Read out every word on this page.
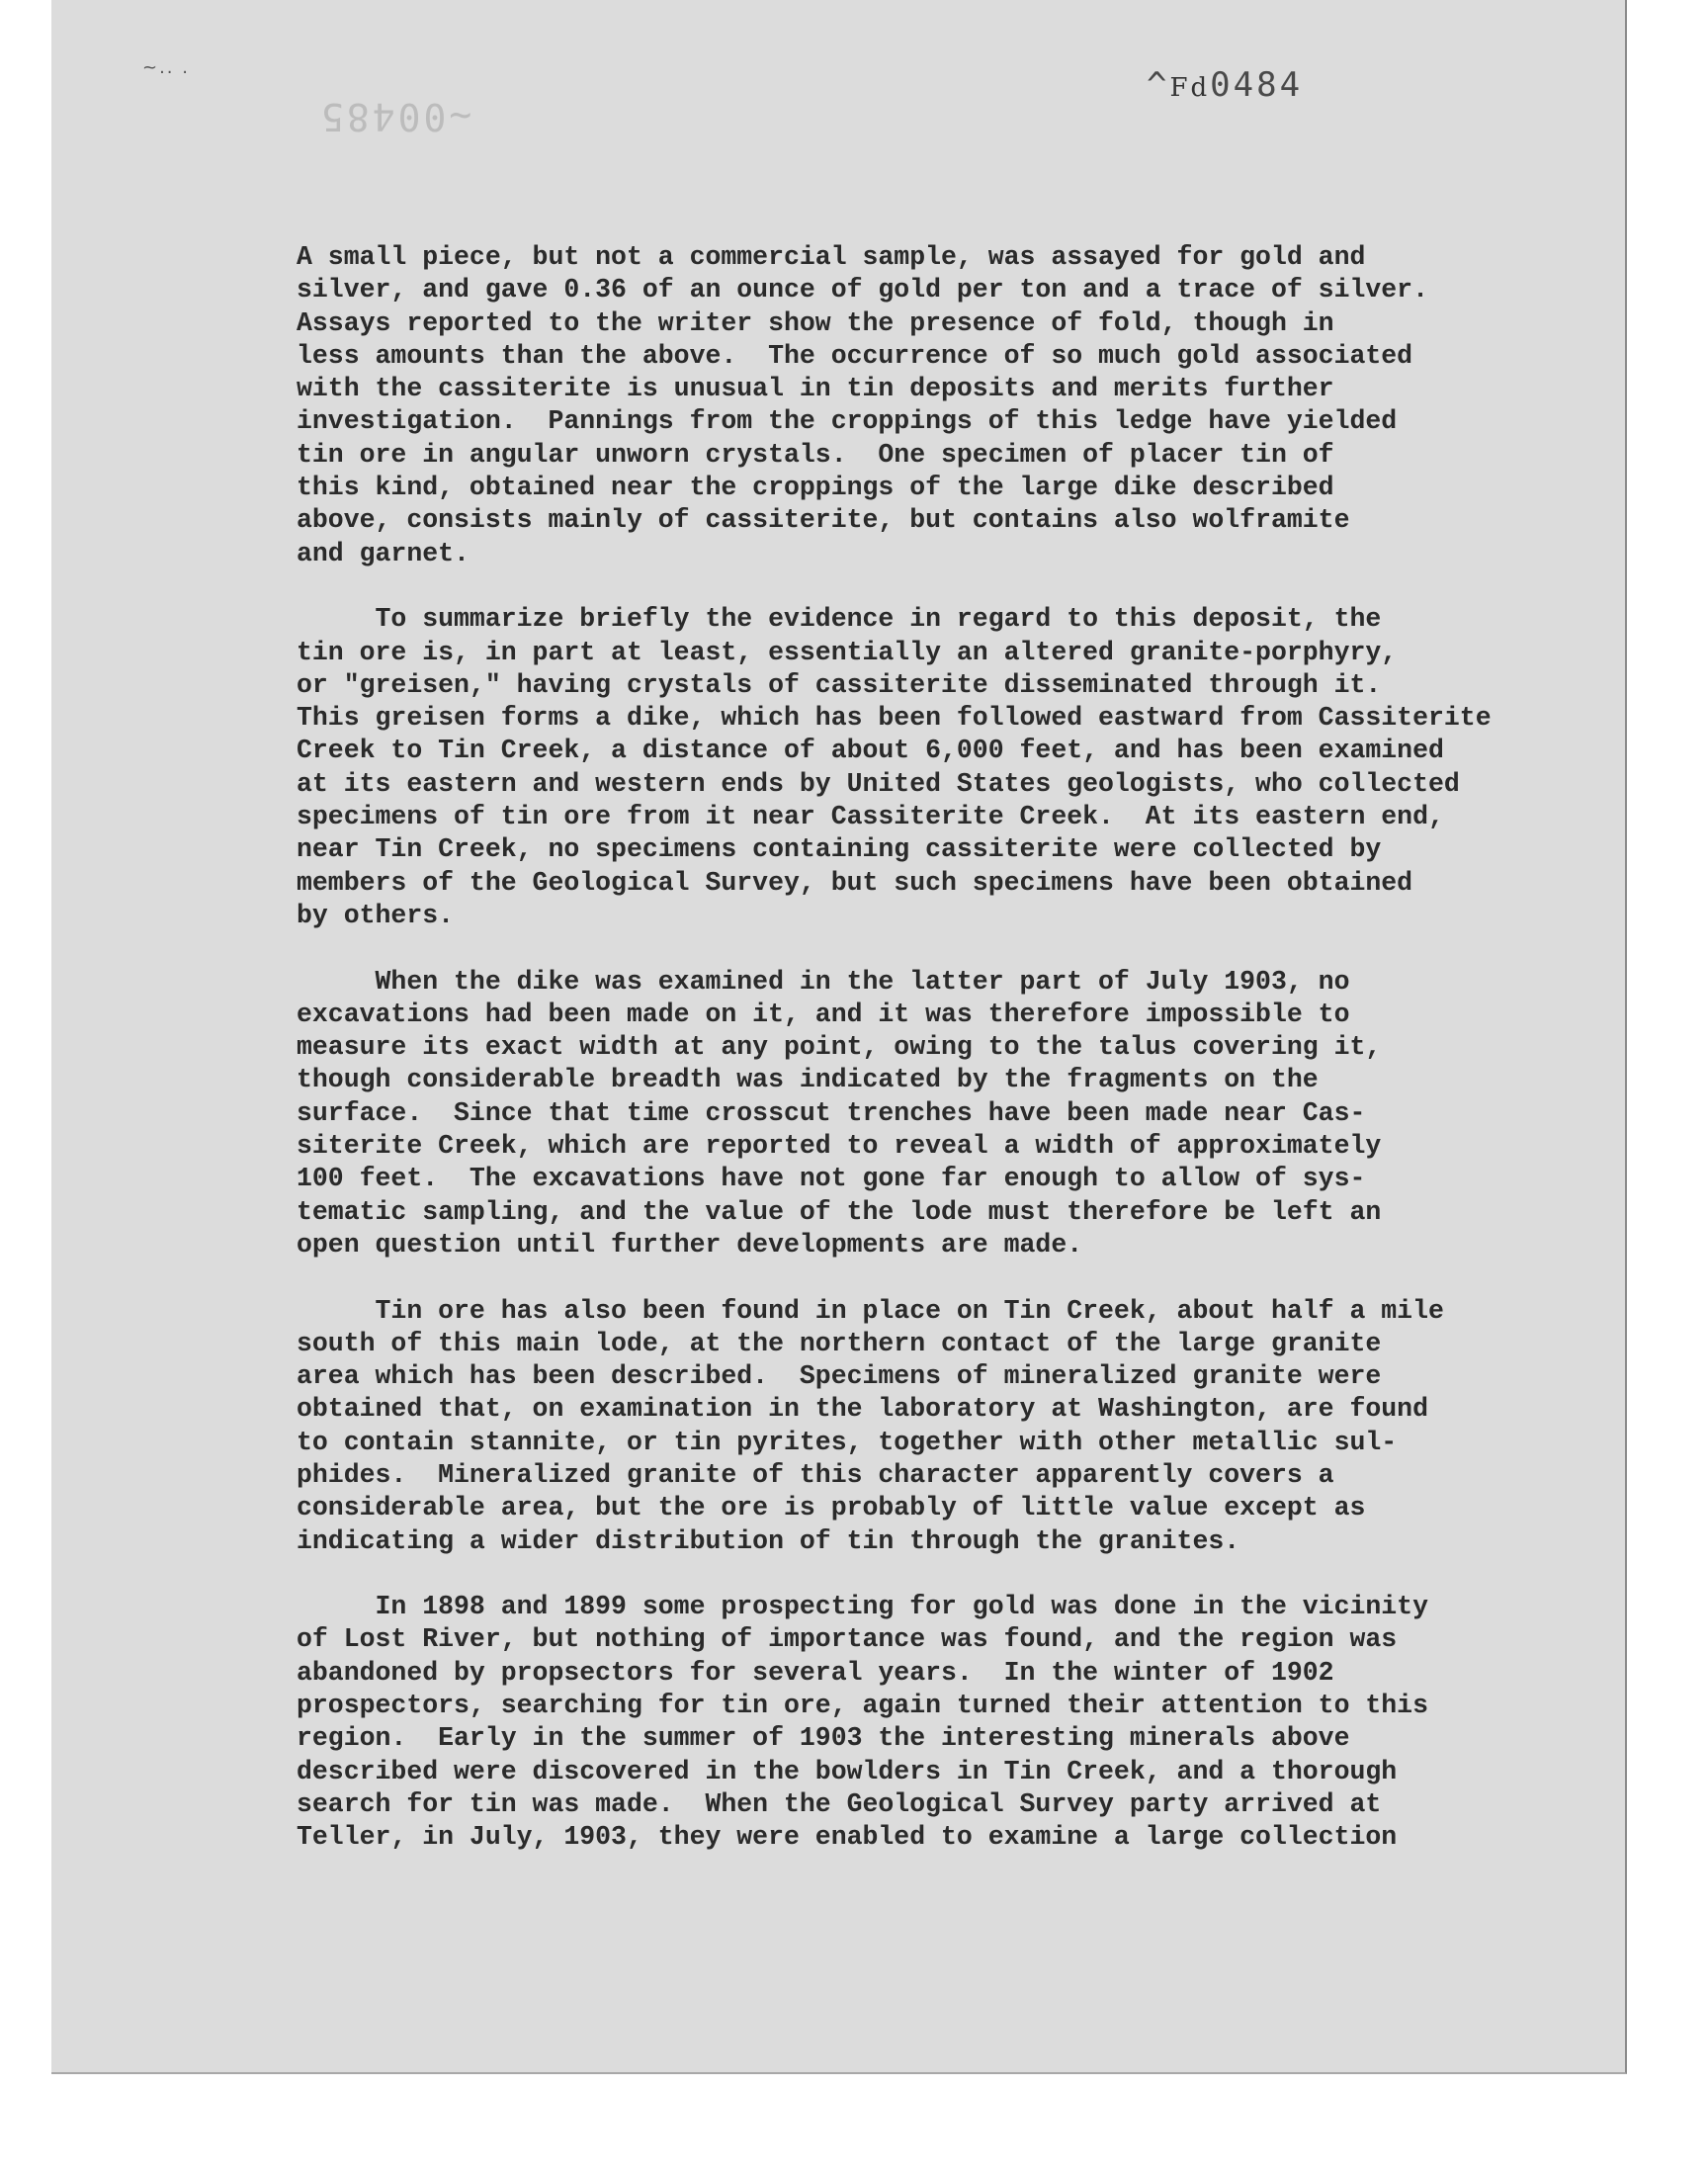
~.. .
~00485
^Fd0484
A small piece, but not a commercial sample, was assayed for gold and
silver, and gave 0.36 of an ounce of gold per ton and a trace of silver.
Assays reported to the writer show the presence of fold, though in
less amounts than the above.  The occurrence of so much gold associated
with the cassiterite is unusual in tin deposits and merits further
investigation.  Pannings from the croppings of this ledge have yielded
tin ore in angular unworn crystals.  One specimen of placer tin of
this kind, obtained near the croppings of the large dike described
above, consists mainly of cassiterite, but contains also wolframite
and garnet.
To summarize briefly the evidence in regard to this deposit, the
tin ore is, in part at least, essentially an altered granite-porphyry,
or "greisen," having crystals of cassiterite disseminated through it.
This greisen forms a dike, which has been followed eastward from Cassiterite
Creek to Tin Creek, a distance of about 6,000 feet, and has been examined
at its eastern and western ends by United States geologists, who collected
specimens of tin ore from it near Cassiterite Creek.  At its eastern end,
near Tin Creek, no specimens containing cassiterite were collected by
members of the Geological Survey, but such specimens have been obtained
by others.
When the dike was examined in the latter part of July 1903, no
excavations had been made on it, and it was therefore impossible to
measure its exact width at any point, owing to the talus covering it,
though considerable breadth was indicated by the fragments on the
surface.  Since that time crosscut trenches have been made near Cas-
siterite Creek, which are reported to reveal a width of approximately
100 feet.  The excavations have not gone far enough to allow of sys-
tematic sampling, and the value of the lode must therefore be left an
open question until further developments are made.
Tin ore has also been found in place on Tin Creek, about half a mile
south of this main lode, at the northern contact of the large granite
area which has been described.  Specimens of mineralized granite were
obtained that, on examination in the laboratory at Washington, are found
to contain stannite, or tin pyrites, together with other metallic sul-
phides.  Mineralized granite of this character apparently covers a
considerable area, but the ore is probably of little value except as
indicating a wider distribution of tin through the granites.
In 1898 and 1899 some prospecting for gold was done in the vicinity
of Lost River, but nothing of importance was found, and the region was
abandoned by propsectors for several years.  In the winter of 1902
prospectors, searching for tin ore, again turned their attention to this
region.  Early in the summer of 1903 the interesting minerals above
described were discovered in the bowlders in Tin Creek, and a thorough
search for tin was made.  When the Geological Survey party arrived at
Teller, in July, 1903, they were enabled to examine a large collection
